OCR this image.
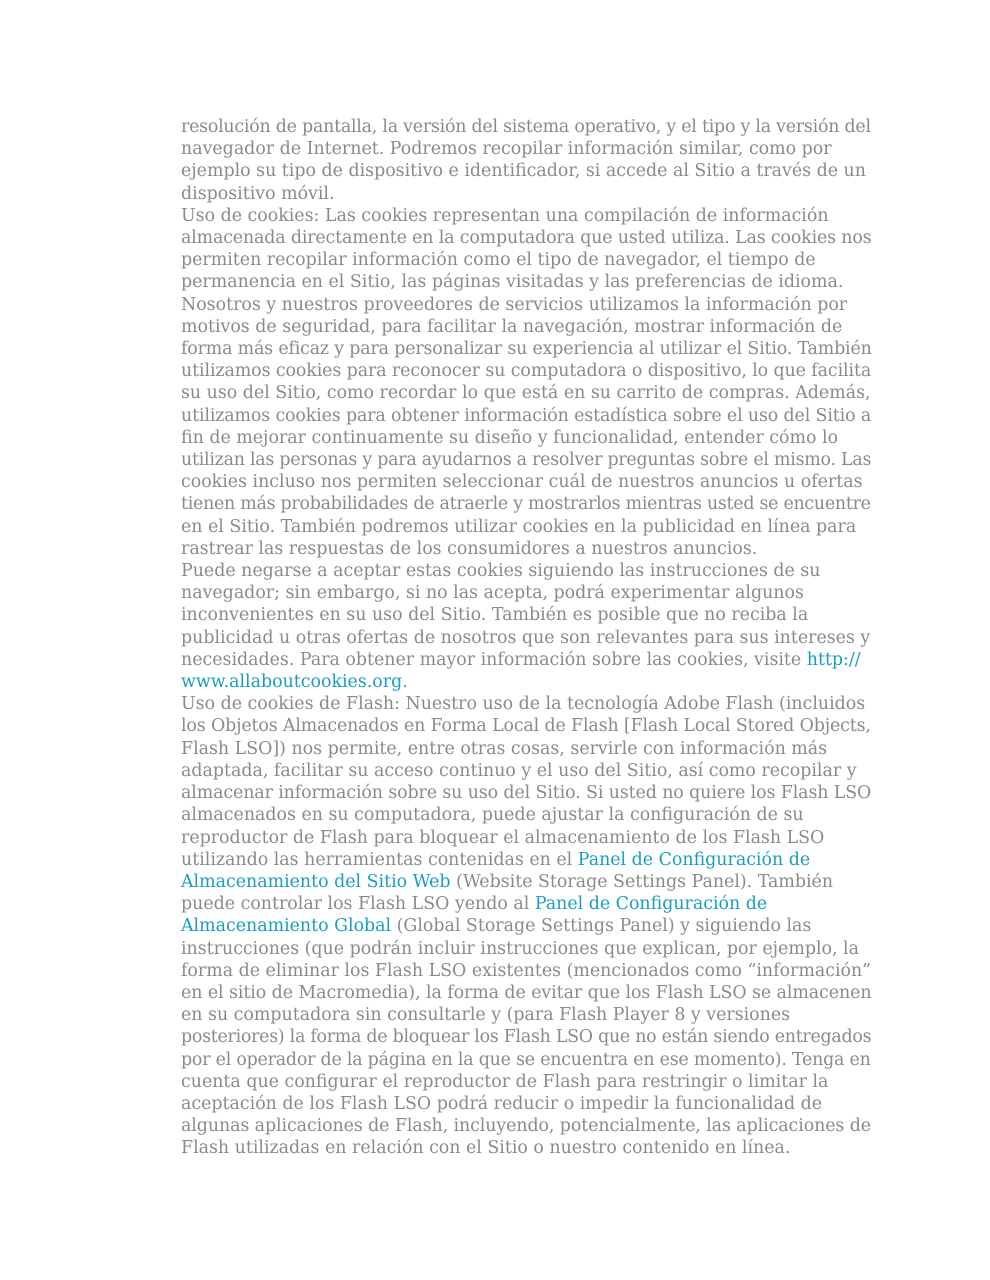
resolución de pantalla, la versión del sistema operativo, y el tipo y la versión del
navegador de Internet. Podremos recopilar información similar, como por
ejemplo su tipo de dispositivo e identificador, si accede al Sitio a través de un
dispositivo móvil.
Uso de cookies: Las cookies representan una compilación de información
almacenada directamente en la computadora que usted utiliza. Las cookies nos
permiten recopilar información como el tipo de navegador, el tiempo de
permanencia en el Sitio, las páginas visitadas y las preferencias de idioma.
Nosotros y nuestros proveedores de servicios utilizamos la información por
motivos de seguridad, para facilitar la navegación, mostrar información de
forma más eficaz y para personalizar su experiencia al utilizar el Sitio. También
utilizamos cookies para reconocer su computadora o dispositivo, lo que facilita
su uso del Sitio, como recordar lo que está en su carrito de compras. Además,
utilizamos cookies para obtener información estadística sobre el uso del Sitio a
fin de mejorar continuamente su diseño y funcionalidad, entender cómo lo
utilizan las personas y para ayudarnos a resolver preguntas sobre el mismo. Las
cookies incluso nos permiten seleccionar cuál de nuestros anuncios u ofertas
tienen más probabilidades de atraerle y mostrarlos mientras usted se encuentre
en el Sitio. También podremos utilizar cookies en la publicidad en línea para
rastrear las respuestas de los consumidores a nuestros anuncios.
Puede negarse a aceptar estas cookies siguiendo las instrucciones de su
navegador; sin embargo, si no las acepta, podrá experimentar algunos
inconvenientes en su uso del Sitio. También es posible que no reciba la
publicidad u otras ofertas de nosotros que son relevantes para sus intereses y
necesidades. Para obtener mayor información sobre las cookies, visite http://
www.allaboutcookies.org.
Uso de cookies de Flash: Nuestro uso de la tecnología Adobe Flash (incluidos
los Objetos Almacenados en Forma Local de Flash [Flash Local Stored Objects,
Flash LSO]) nos permite, entre otras cosas, servirle con información más
adaptada, facilitar su acceso continuo y el uso del Sitio, así como recopilar y
almacenar información sobre su uso del Sitio. Si usted no quiere los Flash LSO
almacenados en su computadora, puede ajustar la configuración de su
reproductor de Flash para bloquear el almacenamiento de los Flash LSO
utilizando las herramientas contenidas en el Panel de Configuración de
Almacenamiento del Sitio Web (Website Storage Settings Panel). También
puede controlar los Flash LSO yendo al Panel de Configuración de
Almacenamiento Global (Global Storage Settings Panel) y siguiendo las
instrucciones (que podrán incluir instrucciones que explican, por ejemplo, la
forma de eliminar los Flash LSO existentes (mencionados como “información”
en el sitio de Macromedia), la forma de evitar que los Flash LSO se almacenen
en su computadora sin consultarle y (para Flash Player 8 y versiones
posteriores) la forma de bloquear los Flash LSO que no están siendo entregados
por el operador de la página en la que se encuentra en ese momento). Tenga en
cuenta que configurar el reproductor de Flash para restringir o limitar la
aceptación de los Flash LSO podrá reducir o impedir la funcionalidad de
algunas aplicaciones de Flash, incluyendo, potencialmente, las aplicaciones de
Flash utilizadas en relación con el Sitio o nuestro contenido en línea.
